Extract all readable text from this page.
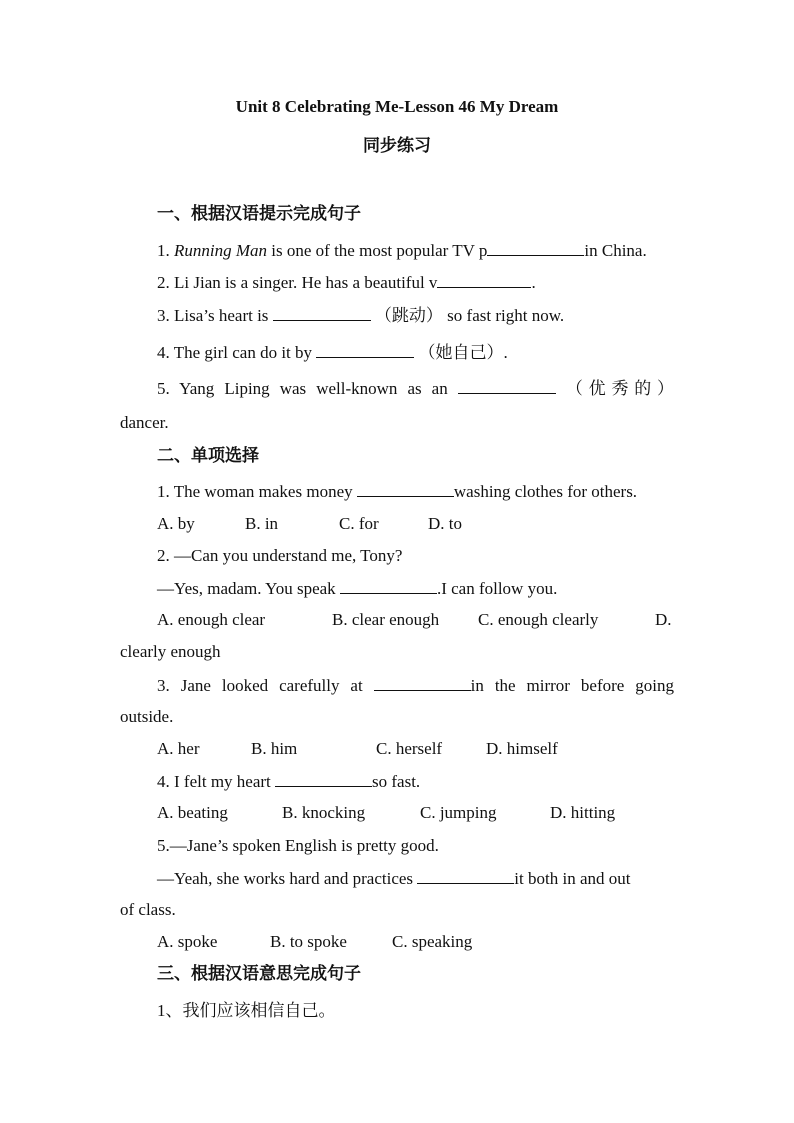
Unit 8 Celebrating Me-Lesson 46 My Dream
同步练习
一、根据汉语提示完成句子
1. Running Man is one of the most popular TV p	in China.
2. Li Jian is a singer. He has a beautiful v	.
3. Lisa’s heart is	（跳动） so fast right now.
4. The girl can do it by	（她自己）.
5. Yang Liping was well-known as an	（优秀的）
dancer.
二、单项选择
1. The woman makes money	washing clothes for others.
A. by	B. in	C. for	D. to
2. —Can you understand me, Tony?
—Yes, madam. You speak	.I can follow you.
A. enough clear	B. clear enough C. enough clearly	D.
clearly enough
3. Jane looked carefully at	in the mirror before going
outside.
A. her	B. him	C. herself	D. himself
4. I felt my heart	so fast.
A. beating	B. knocking	C. jumping	D. hitting
5.—Jane’s spoken English is pretty good.
—Yeah, she works hard and practices	it both in and out
of class.
A. spoke	B. to spoke	C. speaking
三、根据汉语意思完成句子
1、我们应该相信自己。
